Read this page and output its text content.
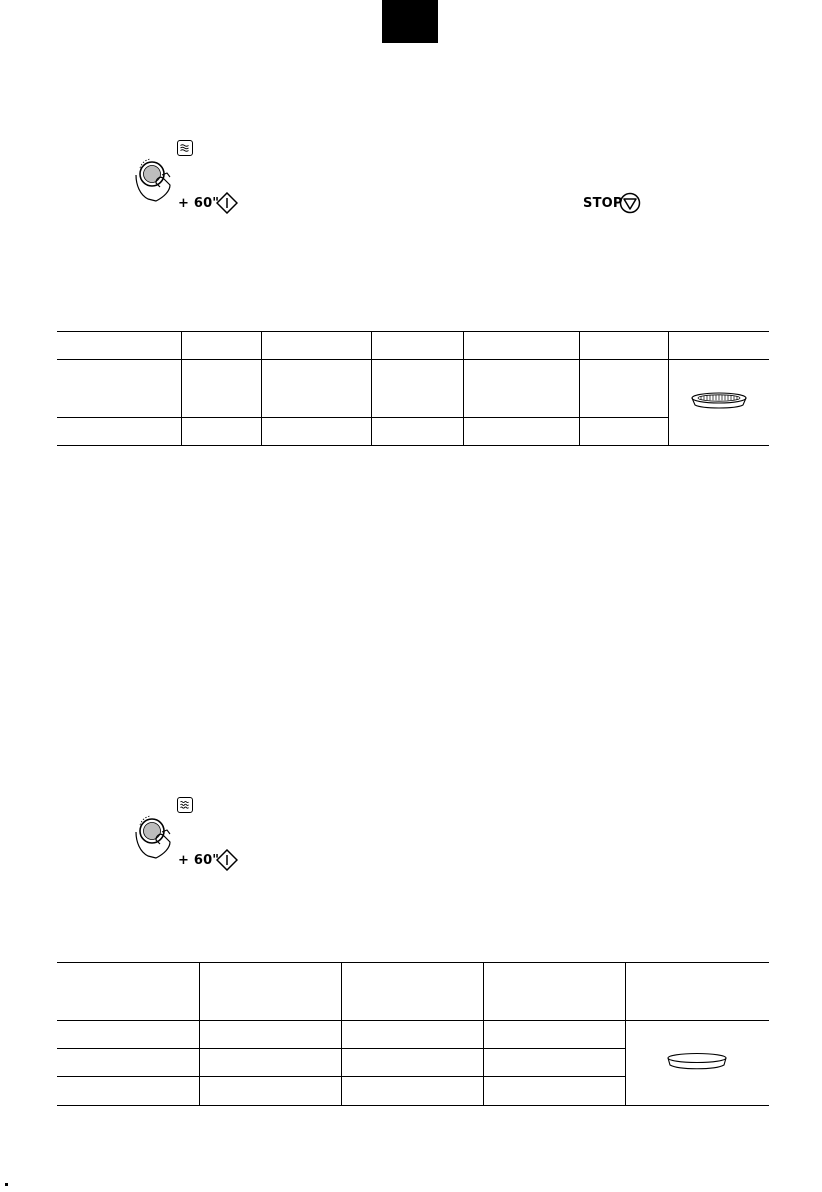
+ 60"	STOP

+ 60"
